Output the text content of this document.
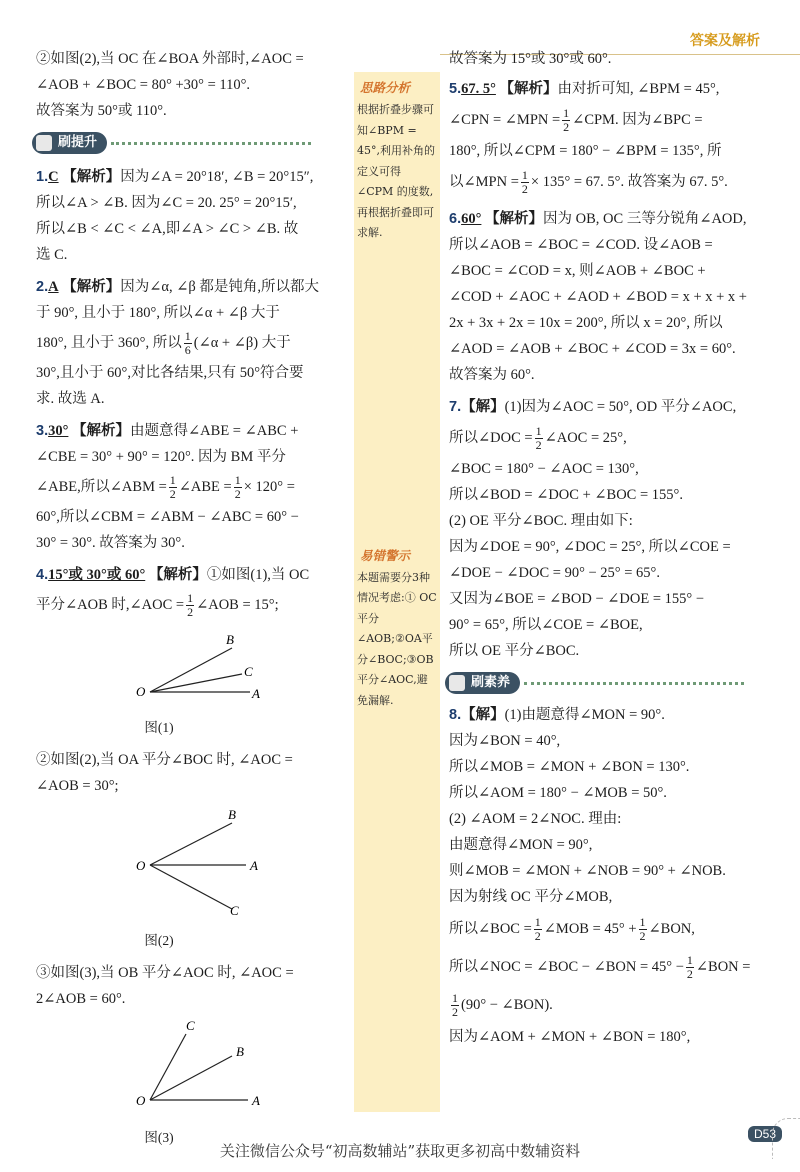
答案及解析
思路分析
根据折叠步骤可知∠BPM = 45°,利用补角的定义可得∠CPM 的度数,再根据折叠即可求解.
易错警示
本题需要分3种情况考虑:① OC 平分∠AOB;②OA平分∠BOC;③OB平分∠AOC,避免漏解.

②如图(2),当 OC 在∠BOA 外部时,∠AOC =

∠AOB + ∠BOC = 80° +30° = 110°.

故答案为 50°或 110°.

刷提升

1.C 【解析】因为∠A = 20°18′, ∠B = 20°15″,

所以∠A > ∠B. 因为∠C = 20. 25° = 20°15′,

所以∠B < ∠C < ∠A,即∠A > ∠C > ∠B. 故

选 C.

2.A 【解析】因为∠α, ∠β 都是钝角,所以都大

于 90°, 且小于 180°, 所以∠α + ∠β 大于

180°, 且小于 360°, 所以 $\frac{1}{6}$ (∠α + ∠β) 大于

30°,且小于 60°,对比各结果,只有 50°符合要

求. 故选 A.

3.30° 【解析】由题意得∠ABE = ∠ABC +

∠CBE = 30° + 90° = 120°. 因为 BM 平分

∠ABE,所以∠ABM = $\frac{1}{2}$ ∠ABE = $\frac{1}{2} \times 120^\circ$ =

60°,所以∠CBM = ∠ABM − ∠ABC = 60° −

30° = 30°. 故答案为 30°.

4.15°或 30°或 60° 【解析】①如图(1),当 OC

平分∠AOB 时,∠AOC = $\frac{1}{2}$ ∠AOB = 15°;

O
B
C
A
图(1)

②如图(2),当 OA 平分∠BOC 时, ∠AOC =

∠AOB = 30°;

O
B
A
C
图(2)

③如图(3),当 OB 平分∠AOC 时, ∠AOC =

2∠AOB = 60°.

O
C
B
A
图(3)

故答案为 15°或 30°或 60°.

5.67. 5° 【解析】由对折可知, ∠BPM = 45°,

∠CPN = ∠MPN = $\frac{1}{2}$ ∠CPM. 因为∠BPC =

180°, 所以∠CPM = 180° − ∠BPM = 135°, 所

以∠MPN = $\frac{1}{2} \times 135^\circ = 67$. 5°. 故答案为 67. 5°.

6.60° 【解析】因为 OB, OC 三等分锐角∠AOD,

所以∠AOB = ∠BOC = ∠COD. 设∠AOB =

∠BOC = ∠COD = x, 则∠AOB + ∠BOC +

∠COD + ∠AOC + ∠AOD + ∠BOD = x + x + x +

2x + 3x + 2x = 10x = 200°, 所以 x = 20°, 所以

∠AOD = ∠AOB + ∠BOC + ∠COD = 3x = 60°.

故答案为 60°.

7.【解】(1)因为∠AOC = 50°, OD 平分∠AOC,

所以∠DOC = $\frac{1}{2}$ ∠AOC = 25°,

∠BOC = 180° − ∠AOC = 130°,

所以∠BOD = ∠DOC + ∠BOC = 155°.

(2) OE 平分∠BOC. 理由如下:

因为∠DOE = 90°, ∠DOC = 25°, 所以∠COE =

∠DOE − ∠DOC = 90° − 25° = 65°.

又因为∠BOE = ∠BOD − ∠DOE = 155° −

90° = 65°, 所以∠COE = ∠BOE,

所以 OE 平分∠BOC.

刷素养

8.【解】(1)由题意得∠MON = 90°.

因为∠BON = 40°,

所以∠MOB = ∠MON + ∠BON = 130°.

所以∠AOM = 180° − ∠MOB = 50°.

(2) ∠AOM = 2∠NOC. 理由:

由题意得∠MON = 90°,

则∠MOB = ∠MON + ∠NOB = 90° + ∠NOB.

因为射线 OC 平分∠MOB,

所以∠BOC = $\frac{1}{2}$ ∠MOB = $45^\circ + \frac{1}{2}$ ∠BON,

所以∠NOC = ∠BOC − ∠BON = $45^\circ - \frac{1}{2}$ ∠BON =

$\frac{1}{2} (90^\circ$ − ∠BON).

因为∠AOM + ∠MON + ∠BON = 180°,

D53
关注微信公众号“初高数辅站”获取更多初高中数辅资料
